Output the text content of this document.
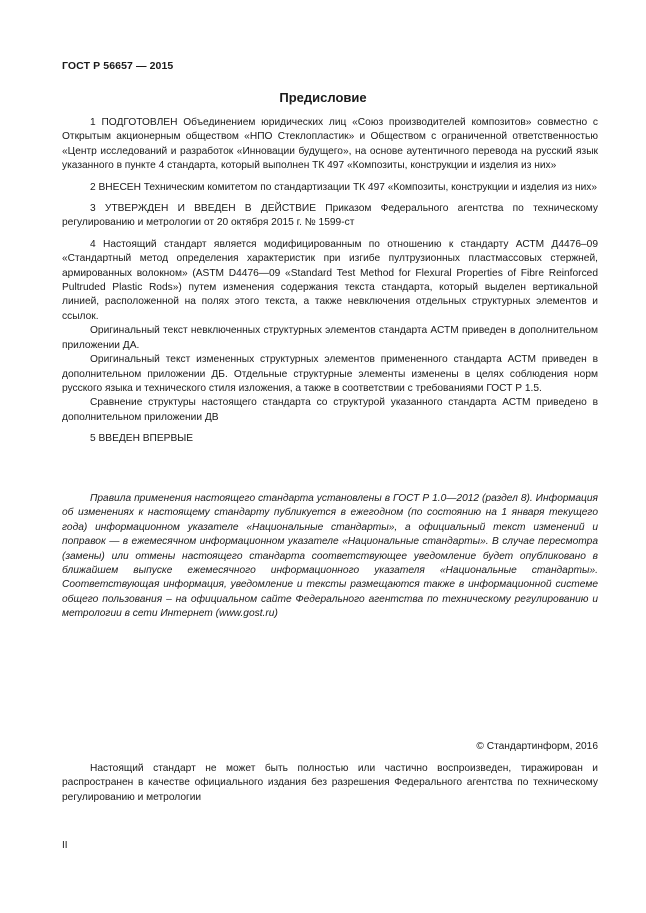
ГОСТ Р 56657 — 2015
Предисловие

1 ПОДГОТОВЛЕН Объединением юридических лиц «Союз производителей композитов» совместно с Открытым акционерным обществом «НПО Стеклопластик» и Обществом с ограниченной ответственностью «Центр исследований и разработок «Инновации будущего», на основе аутентичного перевода на русский язык указанного в пункте 4 стандарта, который выполнен ТК 497 «Композиты, конструкции и изделия из них»

2 ВНЕСЕН Техническим комитетом по стандартизации ТК 497 «Композиты, конструкции и изделия из них»

3 УТВЕРЖДЕН И ВВЕДЕН В ДЕЙСТВИЕ Приказом Федерального агентства по техническому регулированию и метрологии от 20 октября 2015 г. № 1599-ст

4 Настоящий стандарт является модифицированным по отношению к стандарту АСТМ Д4476–09 «Стандартный метод определения характеристик при изгибе пултрузионных пластмассовых стержней, армированных волокном» (ASTM D4476—09 «Standard Test Method for Flexural Properties of Fibre Reinforced Pultruded Plastic Rods») путем изменения содержания текста стандарта, который выделен вертикальной линией, расположенной на полях этого текста, а также невключения отдельных структурных элементов и ссылок.

Оригинальный текст невключенных структурных элементов стандарта АСТМ приведен в дополнительном приложении ДА.

Оригинальный текст измененных структурных элементов примененного стандарта АСТМ приведен в дополнительном приложении ДБ. Отдельные структурные элементы изменены в целях соблюдения норм русского языка и технического стиля изложения, а также в соответствии с требованиями ГОСТ Р 1.5.

Сравнение структуры настоящего стандарта со структурой указанного стандарта АСТМ приведено в дополнительном приложении ДВ

5 ВВЕДЕН ВПЕРВЫЕ

Правила применения настоящего стандарта установлены в ГОСТ Р 1.0—2012 (раздел 8). Информация об изменениях к настоящему стандарту публикуется в ежегодном (по состоянию на 1 января текущего года) информационном указателе «Национальные стандарты», а официальный текст изменений и поправок — в ежемесячном информационном указателе «Национальные стандарты». В случае пересмотра (замены) или отмены настоящего стандарта соответствующее уведомление будет опубликовано в ближайшем выпуске ежемесячного информационного указателя «Национальные стандарты». Соответствующая информация, уведомление и тексты размещаются также в информационной системе общего пользования – на официальном сайте Федерального агентства по техническому регулированию и метрологии в сети Интернет (www.gost.ru)

© Стандартинформ, 2016

Настоящий стандарт не может быть полностью или частично воспроизведен, тиражирован и распространен в качестве официального издания без разрешения Федерального агентства по техническому регулированию и метрологии

II
